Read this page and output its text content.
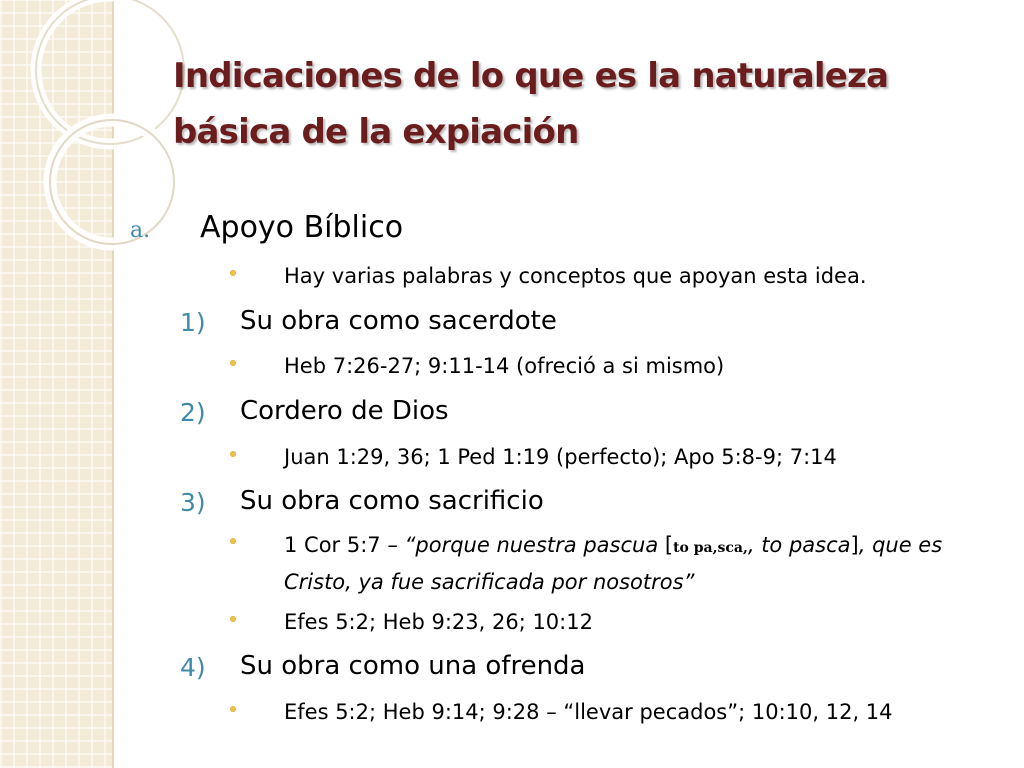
Indicaciones de lo que es la naturaleza
básica de la expiación
a. Apoyo Bíblico
Hay varias palabras y conceptos que apoyan esta idea.
1) Su obra como sacerdote
Heb 7:26-27; 9:11-14 (ofreció a si mismo)
2) Cordero de Dios
Juan 1:29, 36; 1 Ped 1:19 (perfecto); Apo 5:8-9; 7:14
3) Su obra como sacrificio
1 Cor 5:7 – “porque nuestra pascua [to pa,sca,, to pasca], que es
Cristo, ya fue sacrificada por nosotros”
Efes 5:2; Heb 9:23, 26; 10:12
4) Su obra como una ofrenda
Efes 5:2; Heb 9:14; 9:28 – “llevar pecados”; 10:10, 12, 14
